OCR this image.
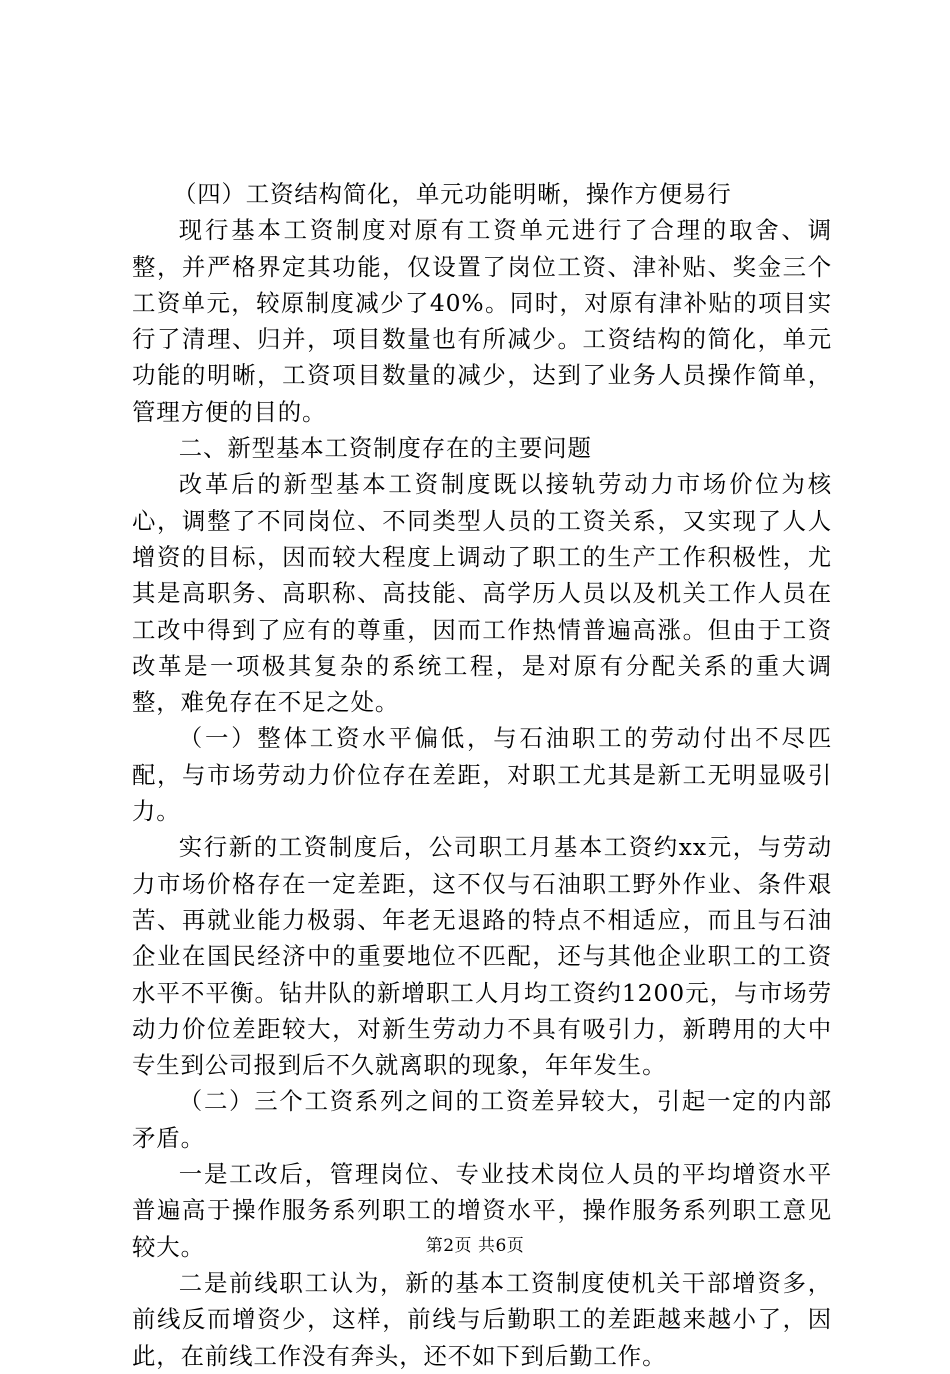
（四）工资结构简化，单元功能明晰，操作方便易行

现行基本工资制度对原有工资单元进行了合理的取舍、调整，并严格界定其功能，仅设置了岗位工资、津补贴、奖金三个工资单元，较原制度减少了40%。同时，对原有津补贴的项目实行了清理、归并，项目数量也有所减少。工资结构的简化，单元功能的明晰，工资项目数量的减少，达到了业务人员操作简单，管理方便的目的。

二、新型基本工资制度存在的主要问题

改革后的新型基本工资制度既以接轨劳动力市场价位为核心，调整了不同岗位、不同类型人员的工资关系，又实现了人人增资的目标，因而较大程度上调动了职工的生产工作积极性，尤其是高职务、高职称、高技能、高学历人员以及机关工作人员在工改中得到了应有的尊重，因而工作热情普遍高涨。但由于工资改革是一项极其复杂的系统工程，是对原有分配关系的重大调整，难免存在不足之处。

（一）整体工资水平偏低，与石油职工的劳动付出不尽匹配，与市场劳动力价位存在差距，对职工尤其是新工无明显吸引力。

实行新的工资制度后，公司职工月基本工资约xx元，与劳动力市场价格存在一定差距，这不仅与石油职工野外作业、条件艰苦、再就业能力极弱、年老无退路的特点不相适应，而且与石油企业在国民经济中的重要地位不匹配，还与其他企业职工的工资水平不平衡。钻井队的新增职工人月均工资约1200元，与市场劳动力价位差距较大，对新生劳动力不具有吸引力，新聘用的大中专生到公司报到后不久就离职的现象，年年发生。

（二）三个工资系列之间的工资差异较大，引起一定的内部矛盾。

一是工改后，管理岗位、专业技术岗位人员的平均增资水平普遍高于操作服务系列职工的增资水平，操作服务系列职工意见较大。

二是前线职工认为，新的基本工资制度使机关干部增资多，前线反而增资少，这样，前线与后勤职工的差距越来越小了，因此，在前线工作没有奔头，还不如下到后勤工作。

第2页 共6页
